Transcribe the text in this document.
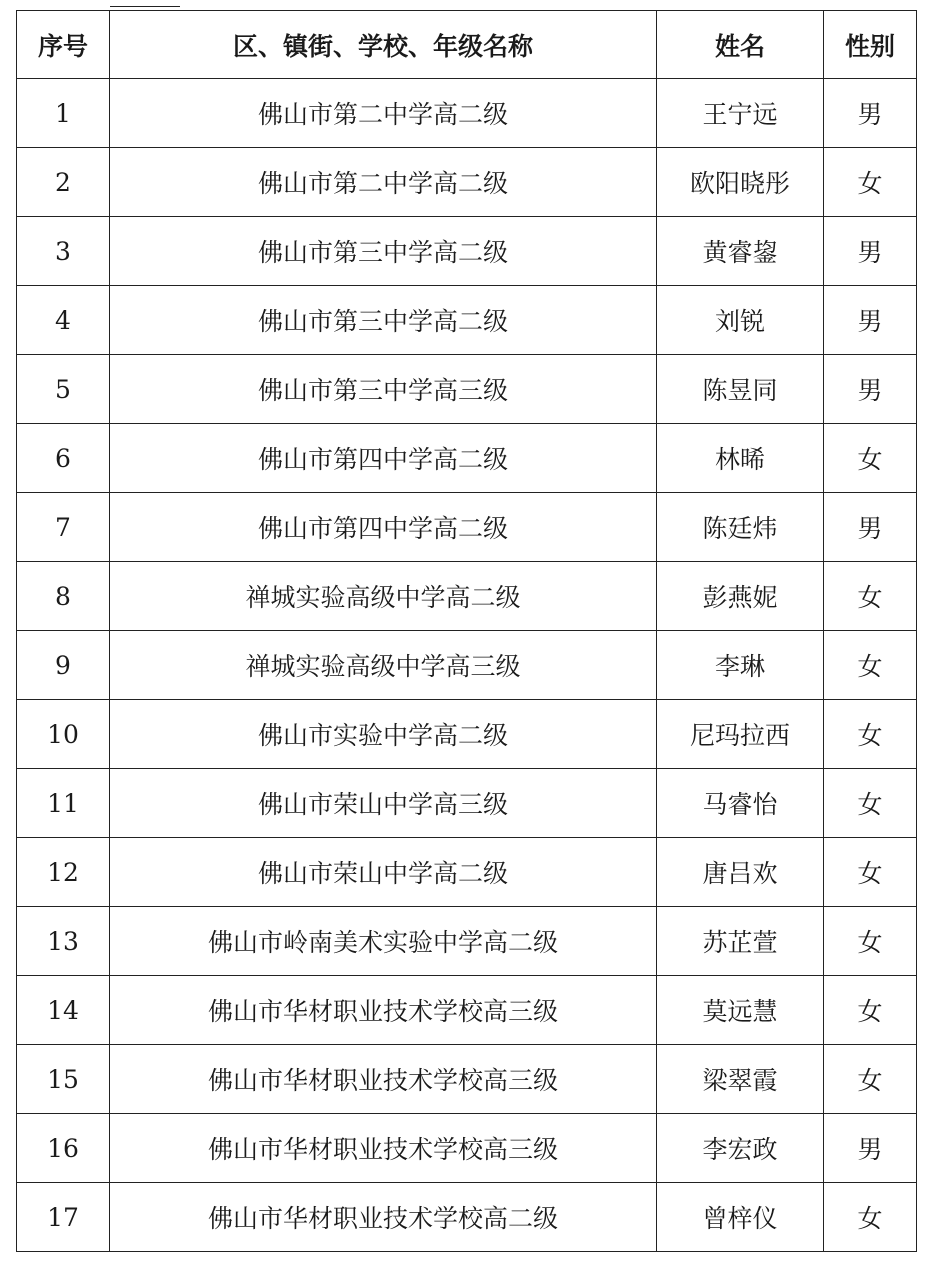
序号	区、镇街、学校、年级名称	姓名	性别
1	佛山市第二中学高二级	王宁远	男
2	佛山市第二中学高二级	欧阳晓彤	女
3	佛山市第三中学高二级	黄睿鋆	男
4	佛山市第三中学高二级	刘锐	男
5	佛山市第三中学高三级	陈昱同	男
6	佛山市第四中学高二级	林晞	女
7	佛山市第四中学高二级	陈廷炜	男
8	禅城实验高级中学高二级	彭燕妮	女
9	禅城实验高级中学高三级	李琳	女
10	佛山市实验中学高二级	尼玛拉西	女
11	佛山市荣山中学高三级	马睿怡	女
12	佛山市荣山中学高二级	唐吕欢	女
13	佛山市岭南美术实验中学高二级	苏芷萱	女
14	佛山市华材职业技术学校高三级	莫远慧	女
15	佛山市华材职业技术学校高三级	梁翠霞	女
16	佛山市华材职业技术学校高三级	李宏政	男
17	佛山市华材职业技术学校高二级	曾梓仪	女
